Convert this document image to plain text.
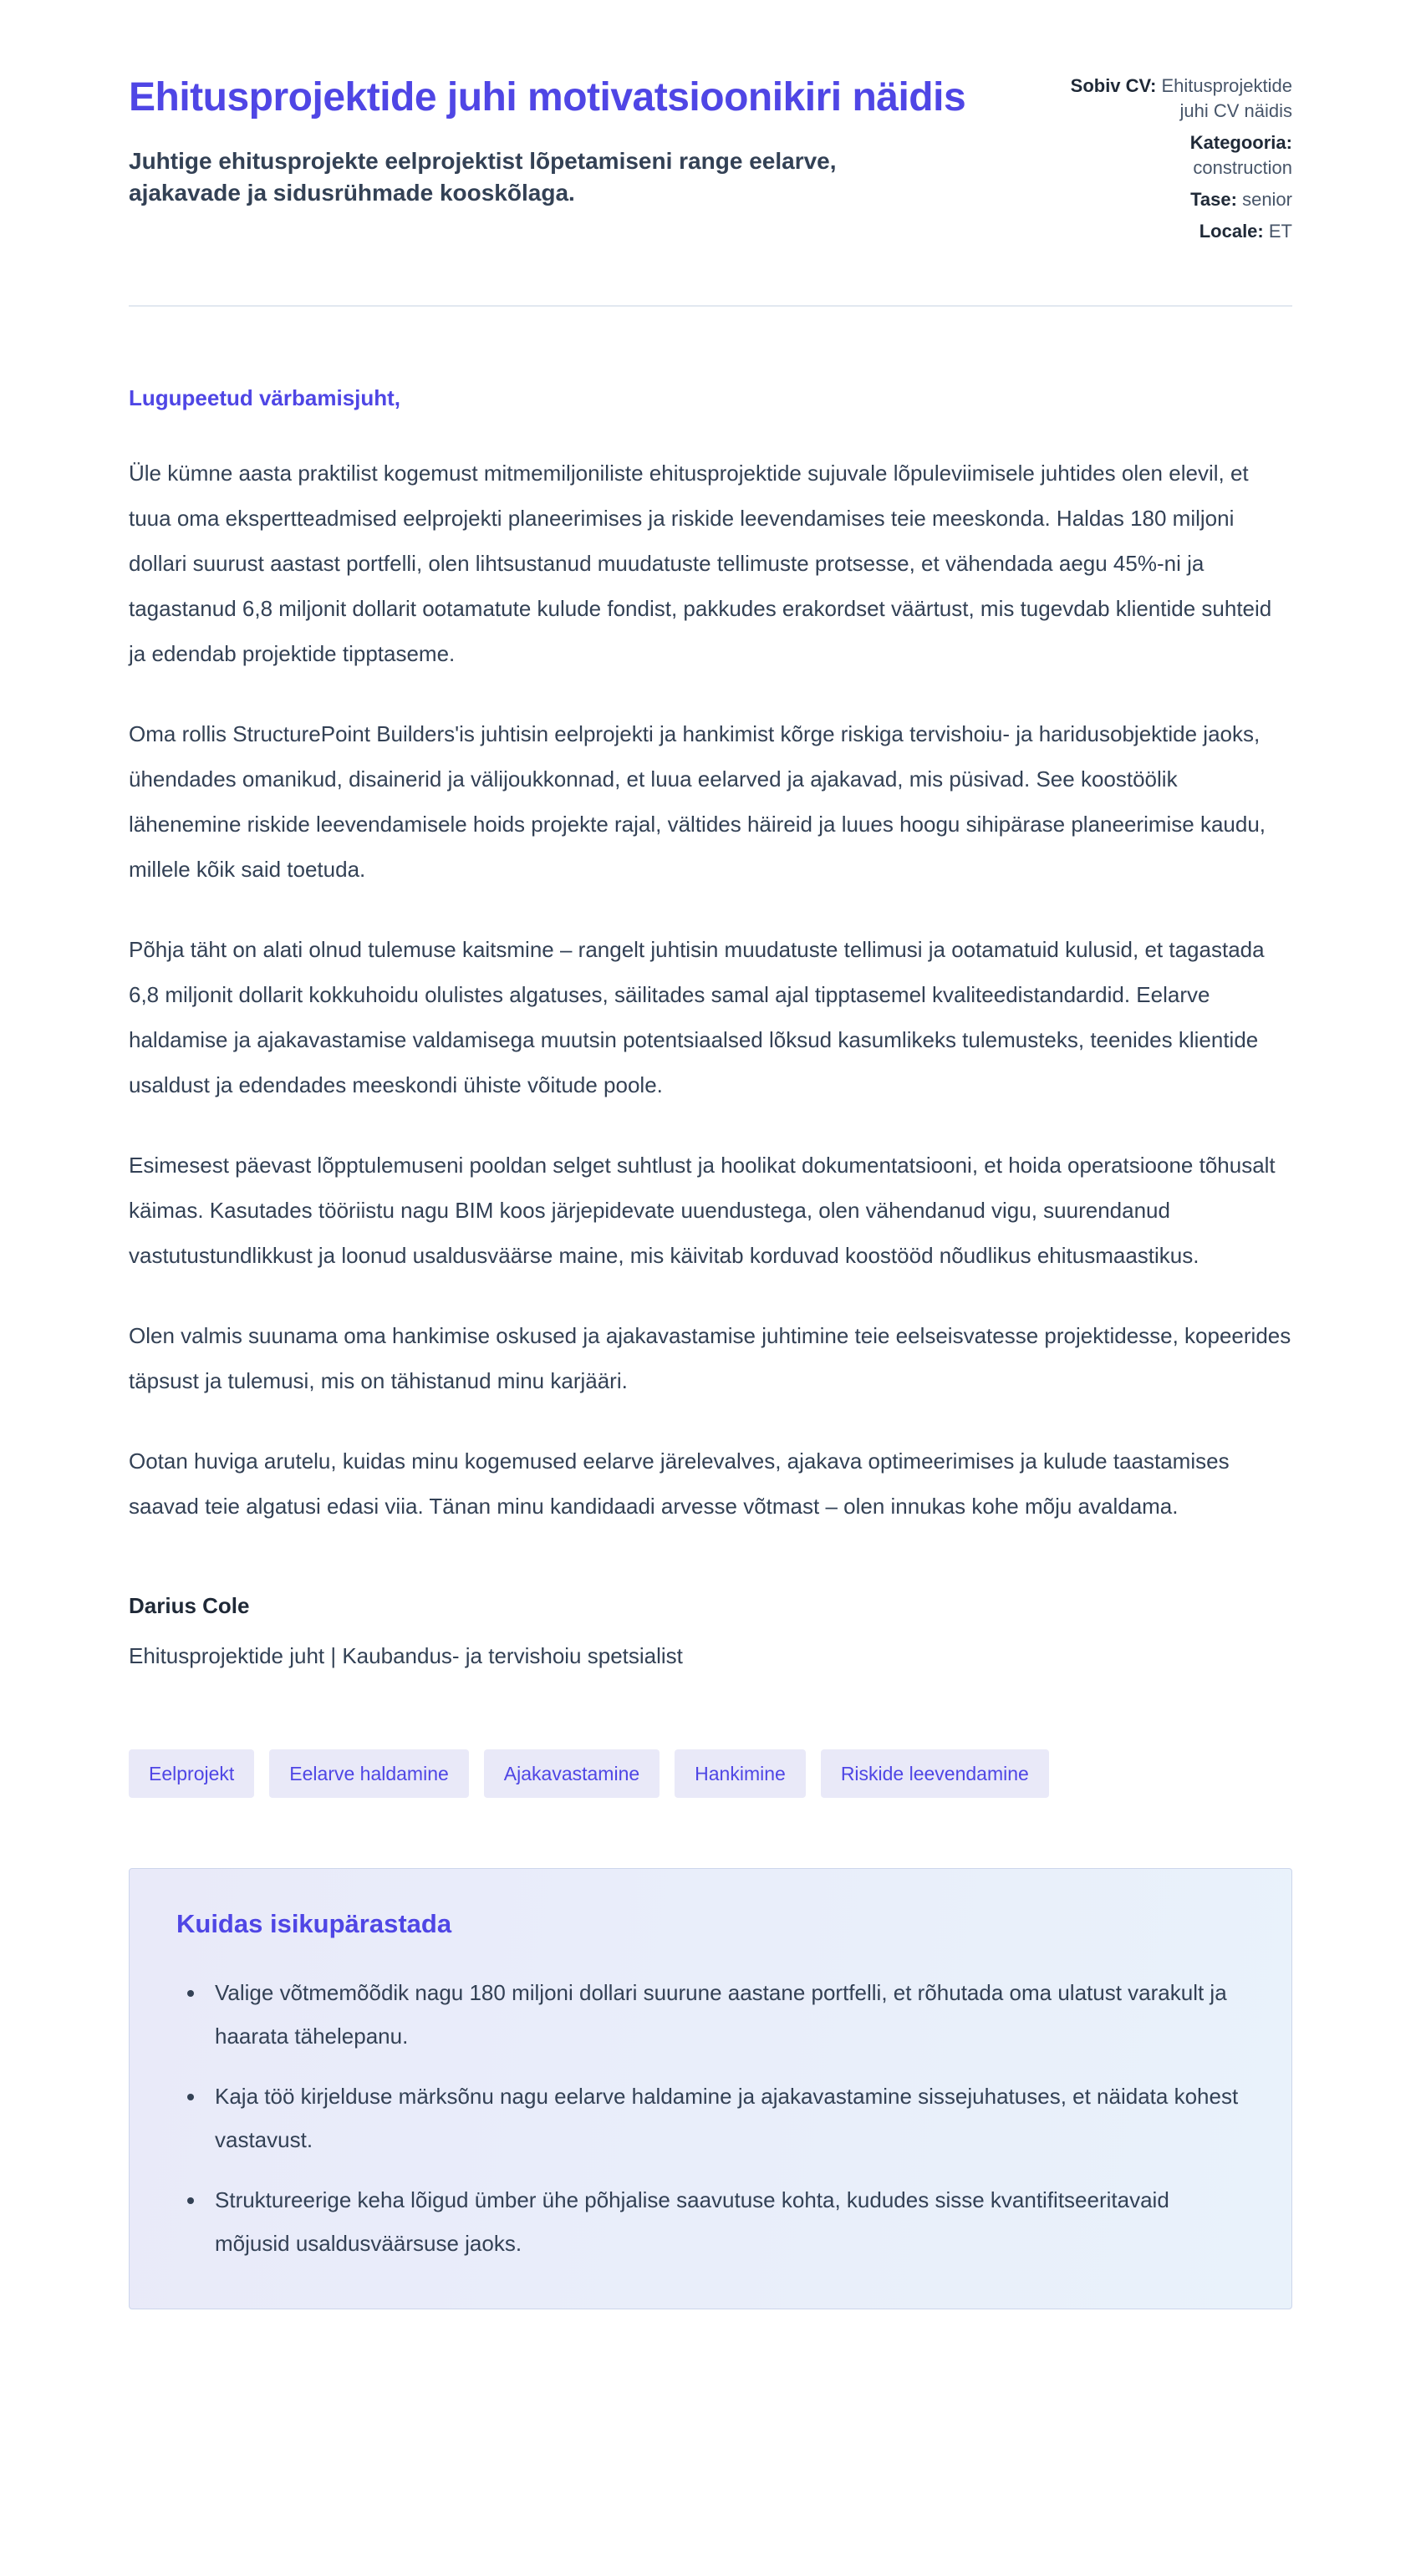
Ehitusprojektide juhi motivatsioonikiri näidis

Juhtige ehitusprojekte eelprojektist lõpetamiseni range eelarve, ajakavade ja sidusrühmade kooskõlaga.

Sobiv CV: Ehitusprojektide juhi CV näidis
Kategooria:
construction
Tase: senior
Locale: ET

Lugupeetud värbamisjuht,

Üle kümne aasta praktilist kogemust mitmemiljoniliste ehitusprojektide sujuvale lõpuleviimisele juhtides olen elevil, et tuua oma ekspertteadmised eelprojekti planeerimises ja riskide leevendamises teie meeskonda. Haldas 180 miljoni dollari suurust aastast portfelli, olen lihtsustanud muudatuste tellimuste protsesse, et vähendada aegu 45%-ni ja tagastanud 6,8 miljonit dollarit ootamatute kulude fondist, pakkudes erakordset väärtust, mis tugevdab klientide suhteid ja edendab projektide tipptaseme.

Oma rollis StructurePoint Builders'is juhtisin eelprojekti ja hankimist kõrge riskiga tervishoiu- ja haridusobjektide jaoks, ühendades omanikud, disainerid ja välijoukkonnad, et luua eelarved ja ajakavad, mis püsivad. See koostöölik lähenemine riskide leevendamisele hoids projekte rajal, vältides häireid ja luues hoogu sihipärase planeerimise kaudu, millele kõik said toetuda.

Põhja täht on alati olnud tulemuse kaitsmine – rangelt juhtisin muudatuste tellimusi ja ootamatuid kulusid, et tagastada 6,8 miljonit dollarit kokkuhoidu olulistes algatuses, säilitades samal ajal tipptasemel kvaliteedistandardid. Eelarve haldamise ja ajakavastamise valdamisega muutsin potentsiaalsed lõksud kasumlikeks tulemusteks, teenides klientide usaldust ja edendades meeskondi ühiste võitude poole.

Esimesest päevast lõpptulemuseni pooldan selget suhtlust ja hoolikat dokumentatsiooni, et hoida operatsioone tõhusalt käimas. Kasutades tööriistu nagu BIM koos järjepidevate uuendustega, olen vähendanud vigu, suurendanud vastutustundlikkust ja loonud usaldusväärse maine, mis käivitab korduvad koostööd nõudlikus ehitusmaastikus.

Olen valmis suunama oma hankimise oskused ja ajakavastamise juhtimine teie eelseisvatesse projektidesse, kopeerides täpsust ja tulemusi, mis on tähistanud minu karjääri.

Ootan huviga arutelu, kuidas minu kogemused eelarve järelevalves, ajakava optimeerimises ja kulude taastamises saavad teie algatusi edasi viia. Tänan minu kandidaadi arvesse võtmast – olen innukas kohe mõju avaldama.

Darius Cole

Ehitusprojektide juht | Kaubandus- ja tervishoiu spetsialist

Eelprojekt	Eelarve haldamine	Ajakavastamine	Hankimine	Riskide leevendamine
Kuidas isikupärastada
• Valige võtmemõõdik nagu 180 miljoni dollari suurune aastane portfelli, et rõhutada oma ulatust varakult ja haarata tähelepanu.
• Kaja töö kirjelduse märksõnu nagu eelarve haldamine ja ajakavastamine sissejuhatuses, et näidata kohest vastavust.
• Struktureerige keha lõigud ümber ühe põhjalise saavutuse kohta, kududes sisse kvantifitseeritavaid mõjusid usaldusväärsuse jaoks.
